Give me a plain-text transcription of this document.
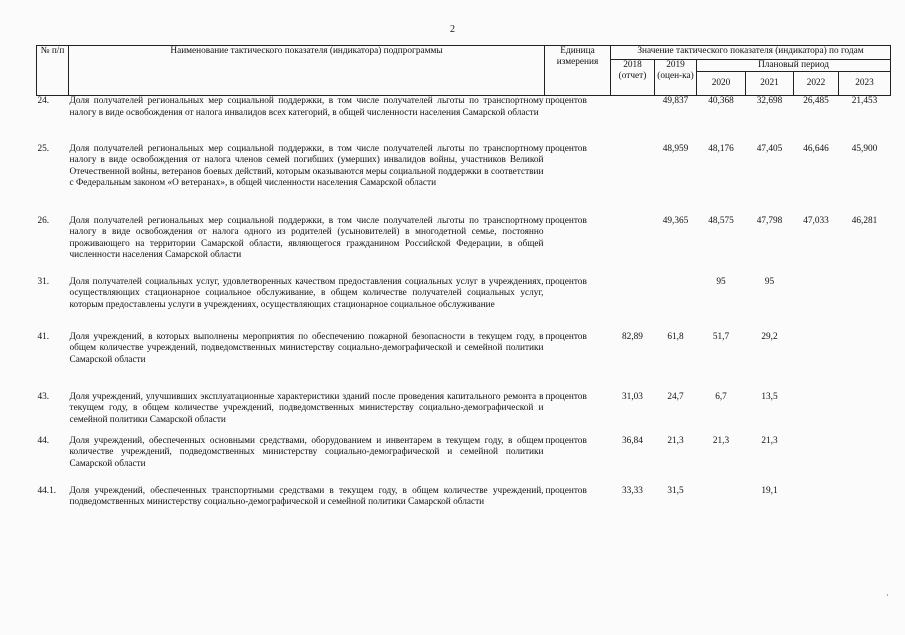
2
№ п/п	Наименование тактического показателя (индикатора) подпрограммы	Единица измерения	Значение тактического показателя (индикатора) по годам					
			2018 (отчет)	2019 (оцен-ка)	Плановый период			
					2020	2021	2022	2023
24.	Доля получателей региональных мер социальной поддержки, в том числе получателей льготы по транспортному налогу в виде освобождения от налога инвалидов всех категорий, в общей численности населения Самарской области	процентов		49,837	40,368	32,698	26,485	21,453
25.	Доля получателей региональных мер социальной поддержки, в том числе получателей льготы по транспортному налогу в виде освобождения от налога членов семей погибших (умерших) инвалидов войны, участников Великой Отечественной войны, ветеранов боевых действий, которым оказываются меры социальной поддержки в соответствии с Федеральным законом «О ветеранах», в общей численности населения Самарской области	процентов		48,959	48,176	47,405	46,646	45,900
26.	Доля получателей региональных мер социальной поддержки, в том числе получателей льготы по транспортному налогу в виде освобождения от налога одного из родителей (усыновителей) в многодетной семье, постоянно проживающего на территории Самарской области, являющегося гражданином Российской Федерации, в общей численности населения Самарской области	процентов		49,365	48,575	47,798	47,033	46,281
31.	Доля получателей социальных услуг, удовлетворенных качеством предоставления социальных услуг в учреждениях, осуществляющих стационарное социальное обслуживание, в общем количестве получателей социальных услуг, которым предоставлены услуги в учреждениях, осуществляющих стационарное социальное обслуживание	процентов			95	95		
41.	Доля учреждений, в которых выполнены мероприятия по обеспечению пожарной безопасности в текущем году, в общем количестве учреждений, подведомственных министерству социально-демографической и семейной политики Самарской области	процентов	82,89	61,8	51,7	29,2		
43.	Доля учреждений, улучшивших эксплуатационные характеристики зданий после проведения капитального ремонта в текущем году, в общем количестве учреждений, подведомственных министерству социально-демографической и семейной политики Самарской области	процентов	31,03	24,7	6,7	13,5		
44.	Доля учреждений, обеспеченных основными средствами, оборудованием и инвентарем в текущем году, в общем количестве учреждений, подведомственных министерству социально-демографической и семейной политики Самарской области	процентов	36,84	21,3	21,3	21,3		
44.1.	Доля учреждений, обеспеченных транспортными средствами в текущем году, в общем количестве учреждений, подведомственных министерству социально-демографической и семейной политики Самарской области	процентов	33,33	31,5		19,1		
·
